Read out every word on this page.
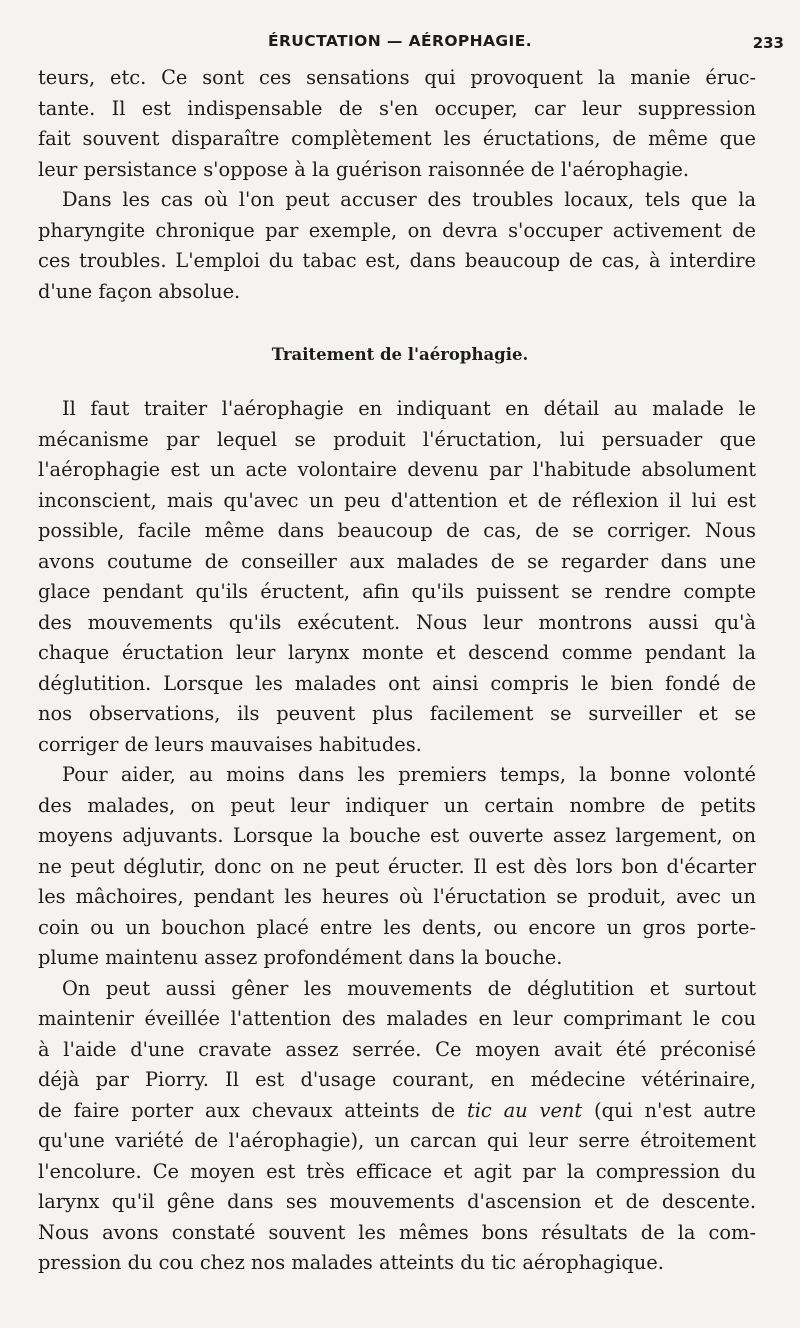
ÉRUCTATION — AÉROPHAGIE.	233
teurs, etc. Ce sont ces sensations qui provoquent la manie éruc-
tante. Il est indispensable de s'en occuper, car leur suppression
fait souvent disparaître complètement les éructations, de même que
leur persistance s'oppose à la guérison raisonnée de l'aérophagie.
Dans les cas où l'on peut accuser des troubles locaux, tels que la
pharyngite chronique par exemple, on devra s'occuper activement de
ces troubles. L'emploi du tabac est, dans beaucoup de cas, à interdire
d'une façon absolue.
Traitement de l'aérophagie.
Il faut traiter l'aérophagie en indiquant en détail au malade le
mécanisme par lequel se produit l'éructation, lui persuader que
l'aérophagie est un acte volontaire devenu par l'habitude absolument
inconscient, mais qu'avec un peu d'attention et de réflexion il lui est
possible, facile même dans beaucoup de cas, de se corriger. Nous
avons coutume de conseiller aux malades de se regarder dans une
glace pendant qu'ils éructent, afin qu'ils puissent se rendre compte
des mouvements qu'ils exécutent. Nous leur montrons aussi qu'à
chaque éructation leur larynx monte et descend comme pendant la
déglutition. Lorsque les malades ont ainsi compris le bien fondé de
nos observations, ils peuvent plus facilement se surveiller et se
corriger de leurs mauvaises habitudes.
Pour aider, au moins dans les premiers temps, la bonne volonté
des malades, on peut leur indiquer un certain nombre de petits
moyens adjuvants. Lorsque la bouche est ouverte assez largement, on
ne peut déglutir, donc on ne peut éructer. Il est dès lors bon d'écarter
les mâchoires, pendant les heures où l'éructation se produit, avec un
coin ou un bouchon placé entre les dents, ou encore un gros porte-
plume maintenu assez profondément dans la bouche.
On peut aussi gêner les mouvements de déglutition et surtout
maintenir éveillée l'attention des malades en leur comprimant le cou
à l'aide d'une cravate assez serrée. Ce moyen avait été préconisé
déjà par Piorry. Il est d'usage courant, en médecine vétérinaire,
de faire porter aux chevaux atteints de tic au vent (qui n'est autre
qu'une variété de l'aérophagie), un carcan qui leur serre étroitement
l'encolure. Ce moyen est très efficace et agit par la compression du
larynx qu'il gêne dans ses mouvements d'ascension et de descente.
Nous avons constaté souvent les mêmes bons résultats de la com-
pression du cou chez nos malades atteints du tic aérophagique.
